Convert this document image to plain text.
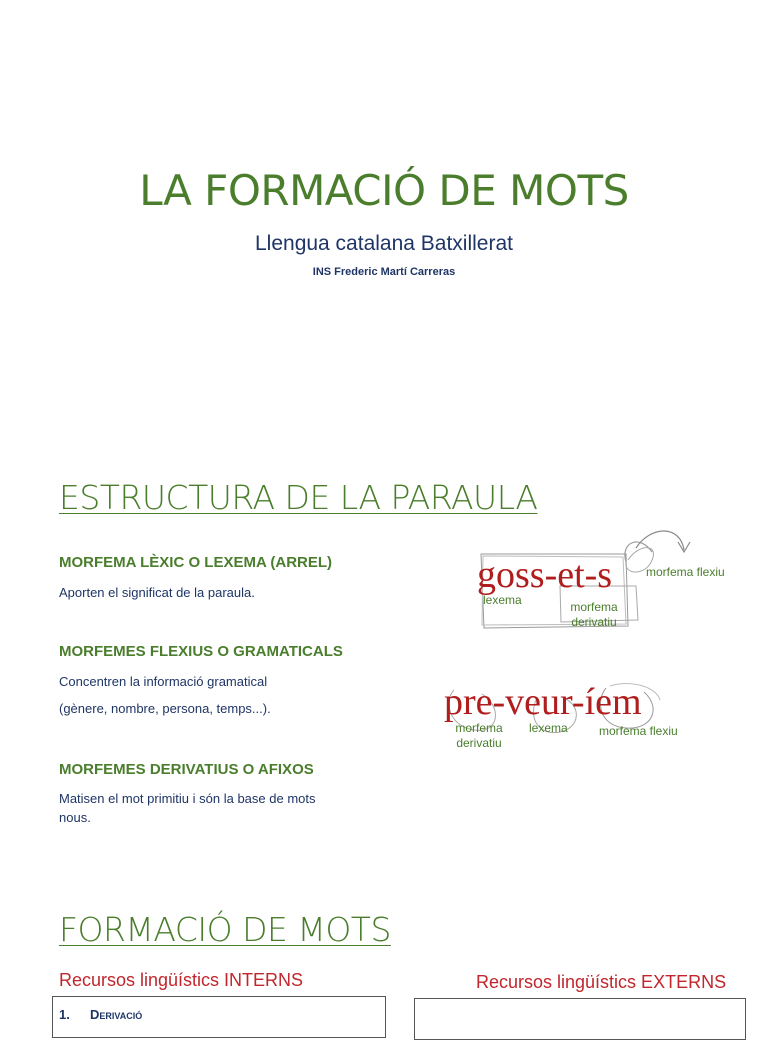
LA FORMACIÓ DE MOTS
Llengua catalana Batxillerat
INS Frederic Martí Carreras
ESTRUCTURA DE LA PARAULA
MORFEMA LÈXIC O LEXEMA (ARREL)
Aporten el significat de la paraula.
MORFEMES FLEXIUS O GRAMATICALS
Concentren la informació gramatical
(gènere, nombre, persona, temps...).
MORFEMES DERIVATIUS O AFIXOS
Matisen el mot primitiu i són la base de mots
nous.
goss-et-s
lexema	morfema
derivatiu
morfema flexiu
pre-veur-íem
morfema
derivatiu
lexema	morfema flexiu
FORMACIÓ DE MOTS
Recursos lingüístics INTERNS	Recursos lingüístics EXTERNS
1. Derivació
